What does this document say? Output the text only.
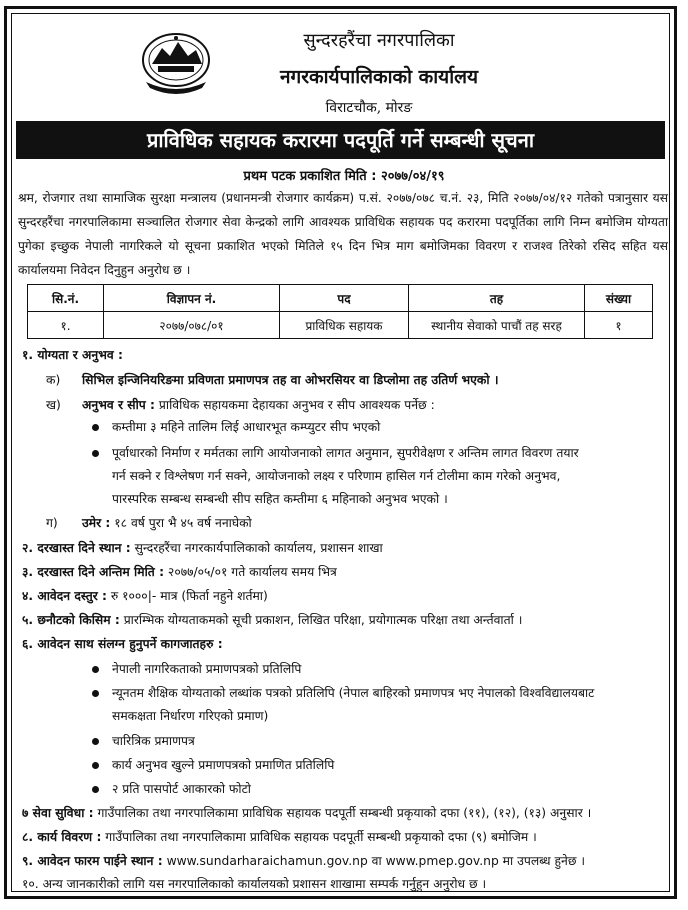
सुन्दरहरैंचा नगरपालिका
नगरकार्यपालिकाको कार्यालय
विराटचौक, मोरङ
प्राविधिक सहायक करारमा पदपूर्ति गर्ने सम्बन्धी सूचना
प्रथम पटक प्रकाशित मिति : २०७७/०४/१९
श्रम, रोजगार तथा सामाजिक सुरक्षा मन्त्रालय (प्रधानमन्त्री रोजगार कार्यक्रम) प.सं. २०७७/०७८ च.नं. २३, मिति २०७७/०४/१२ गतेको पत्रानुसार यस सुन्दरहरैंचा नगरपालिकामा सञ्चालित रोजगार सेवा केन्द्रको लागि आवश्यक प्राविधिक सहायक पद करारमा पदपूर्तिका लागि निम्न बमोजिम योग्यता पुगेका इच्छुक नेपाली नागरिकले यो सूचना प्रकाशित भएको मितिले १५ दिन भित्र माग बमोजिमका विवरण र राजश्व तिरेको रसिद सहित यस कार्यालयमा निवेदन दिनुहुन अनुरोध छ ।
सि.नं.	विज्ञापन नं.	पद	तह	संख्या
१.	२०७७/०७८/०१	प्राविधिक सहायक	स्थानीय सेवाको पाचौं तह सरह	१
१. योग्यता र अनुभव :
क) सिभिल इन्जिनियरिङमा प्रविणता प्रमाणपत्र तह वा ओभरसियर वा डिप्लोमा तह उतिर्ण भएको ।
ख) अनुभव र सीप : प्राविधिक सहायकमा देहायका अनुभव र सीप आवश्यक पर्नेछ :
कम्तीमा ३ महिने तालिम लिई आधारभूत कम्प्युटर सीप भएको
पूर्वाधारको निर्माण र मर्मतका लागि आयोजनाको लागत अनुमान, सुपरीवेक्षण र अन्तिम लागत विवरण तयार
गर्न सक्ने र विश्लेषण गर्न सक्ने, आयोजनाको लक्ष्य र परिणाम हासिल गर्न टोलीमा काम गरेको अनुभव,
पारस्परिक सम्बन्ध सम्बन्धी सीप सहित कम्तीमा ६ महिनाको अनुभव भएको ।
ग) उमेर : १८ वर्ष पुरा भै ४५ वर्ष ननाघेको
२. दरखास्त दिने स्थान : सुन्दरहरैंचा नगरकार्यपालिकाको कार्यालय, प्रशासन शाखा
३. दरखास्त दिने अन्तिम मिति : २०७७/०५/०१ गते कार्यालय समय भित्र
४. आवेदन दस्तुर : रु १०००|- मात्र (फिर्ता नहुने शर्तमा)
५. छनौटको किसिम : प्रारम्भिक योग्यताकमको सूची प्रकाशन, लिखित परिक्षा, प्रयोगात्मक परिक्षा तथा अर्न्तवार्ता ।
६. आवेदन साथ संलग्न हुनुपर्ने कागजातहरु :
नेपाली नागरिकताको प्रमाणपत्रको प्रतिलिपि
न्यूनतम शैक्षिक योग्यताको लब्धांक पत्रको प्रतिलिपि (नेपाल बाहिरको प्रमाणपत्र भए नेपालको विश्वविद्यालयबाट
समकक्षता निर्धारण गरिएको प्रमाण)
चारित्रिक प्रमाणपत्र
कार्य अनुभव खुल्ने प्रमाणपत्रको प्रमाणित प्रतिलिपि
२ प्रति पासपोर्ट आकारको फोटो
७ सेवा सुविधा : गाउँपालिका तथा नगरपालिकामा प्राविधिक सहायक पदपूर्ती सम्बन्धी प्रकृयाको दफा (११), (१२), (१३) अनुसार ।
८. कार्य विवरण : गाउँपालिका तथा नगरपालिकामा प्राविधिक सहायक पदपूर्ती सम्बन्धी प्रकृयाको दफा (९) बमोजिम ।
९. आवेदन फारम पाईने स्थान : www.sundarharaichamun.gov.np वा www.pmep.gov.np मा उपलब्ध हुनेछ ।
१०. अन्य जानकारीको लागि यस नगरपालिकाको कार्यालयको प्रशासन शाखामा सम्पर्क गर्नुहुन अनुरोध छ ।
